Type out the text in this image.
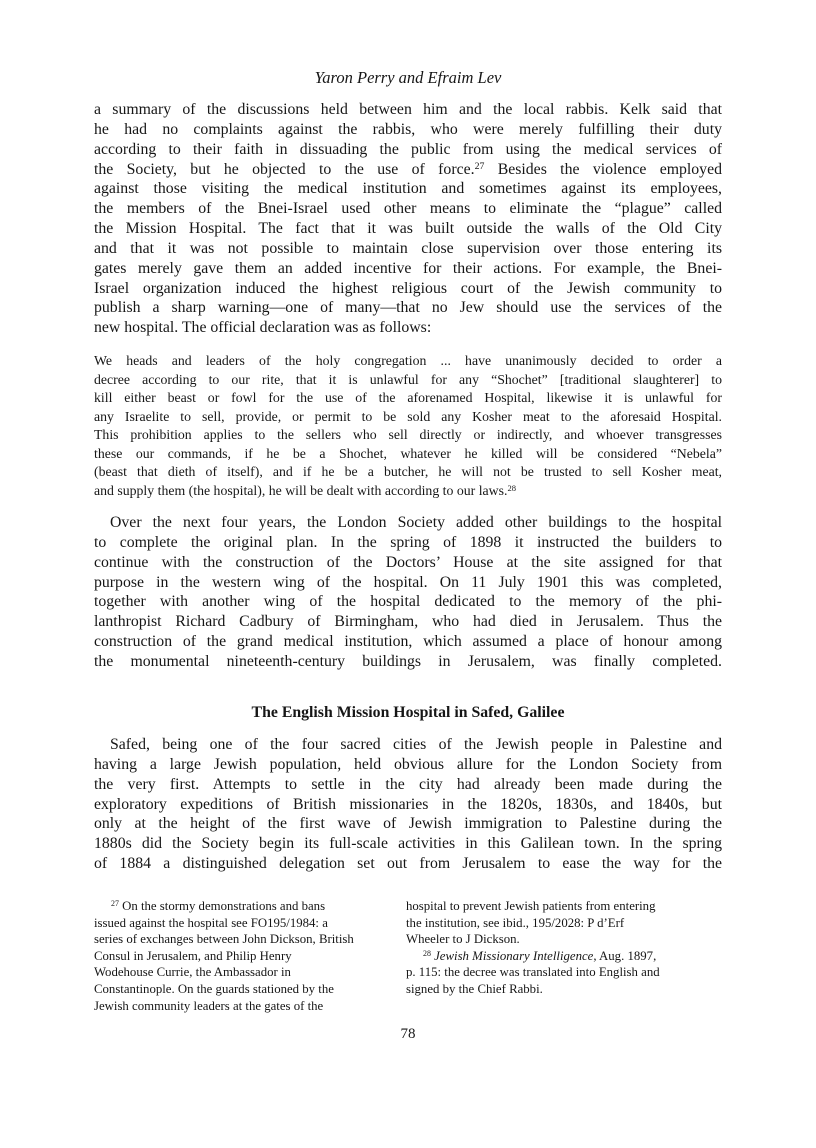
Yaron Perry and Efraim Lev
a summary of the discussions held between him and the local rabbis. Kelk said that
he had no complaints against the rabbis, who were merely fulfilling their duty
according to their faith in dissuading the public from using the medical services of
the Society, but he objected to the use of force.$^{27}$ Besides the violence employed
against those visiting the medical institution and sometimes against its employees,
the members of the Bnei-Israel used other means to eliminate the “plague” called
the Mission Hospital. The fact that it was built outside the walls of the Old City
and that it was not possible to maintain close supervision over those entering its
gates merely gave them an added incentive for their actions. For example, the Bnei-
Israel organization induced the highest religious court of the Jewish community to
publish a sharp warning—one of many—that no Jew should use the services of the
new hospital. The official declaration was as follows:
We heads and leaders of the holy congregation ... have unanimously decided to order a
decree according to our rite, that it is unlawful for any “Shochet” [traditional slaughterer] to
kill either beast or fowl for the use of the aforenamed Hospital, likewise it is unlawful for
any Israelite to sell, provide, or permit to be sold any Kosher meat to the aforesaid Hospital.
This prohibition applies to the sellers who sell directly or indirectly, and whoever transgresses
these our commands, if he be a Shochet, whatever he killed will be considered “Nebela”
(beast that dieth of itself), and if he be a butcher, he will not be trusted to sell Kosher meat,
and supply them (the hospital), he will be dealt with according to our laws.$^{28}$
Over the next four years, the London Society added other buildings to the hospital
to complete the original plan. In the spring of 1898 it instructed the builders to
continue with the construction of the Doctors’ House at the site assigned for that
purpose in the western wing of the hospital. On 11 July 1901 this was completed,
together with another wing of the hospital dedicated to the memory of the phi-
lanthropist Richard Cadbury of Birmingham, who had died in Jerusalem. Thus the
construction of the grand medical institution, which assumed a place of honour among
the monumental nineteenth-century buildings in Jerusalem, was finally completed.
The English Mission Hospital in Safed, Galilee
Safed, being one of the four sacred cities of the Jewish people in Palestine and
having a large Jewish population, held obvious allure for the London Society from
the very first. Attempts to settle in the city had already been made during the
exploratory expeditions of British missionaries in the 1820s, 1830s, and 1840s, but
only at the height of the first wave of Jewish immigration to Palestine during the
1880s did the Society begin its full-scale activities in this Galilean town. In the spring
of 1884 a distinguished delegation set out from Jerusalem to ease the way for the
$^{27}$ On the stormy demonstrations and bans
issued against the hospital see FO195/1984: a
series of exchanges between John Dickson, British
Consul in Jerusalem, and Philip Henry
Wodehouse Currie, the Ambassador in
Constantinople. On the guards stationed by the
Jewish community leaders at the gates of the
hospital to prevent Jewish patients from entering
the institution, see ibid., 195/2028: P d’Erf
Wheeler to J Dickson.
$^{28}$ Jewish Missionary Intelligence, Aug. 1897,
p. 115: the decree was translated into English and
signed by the Chief Rabbi.
78
